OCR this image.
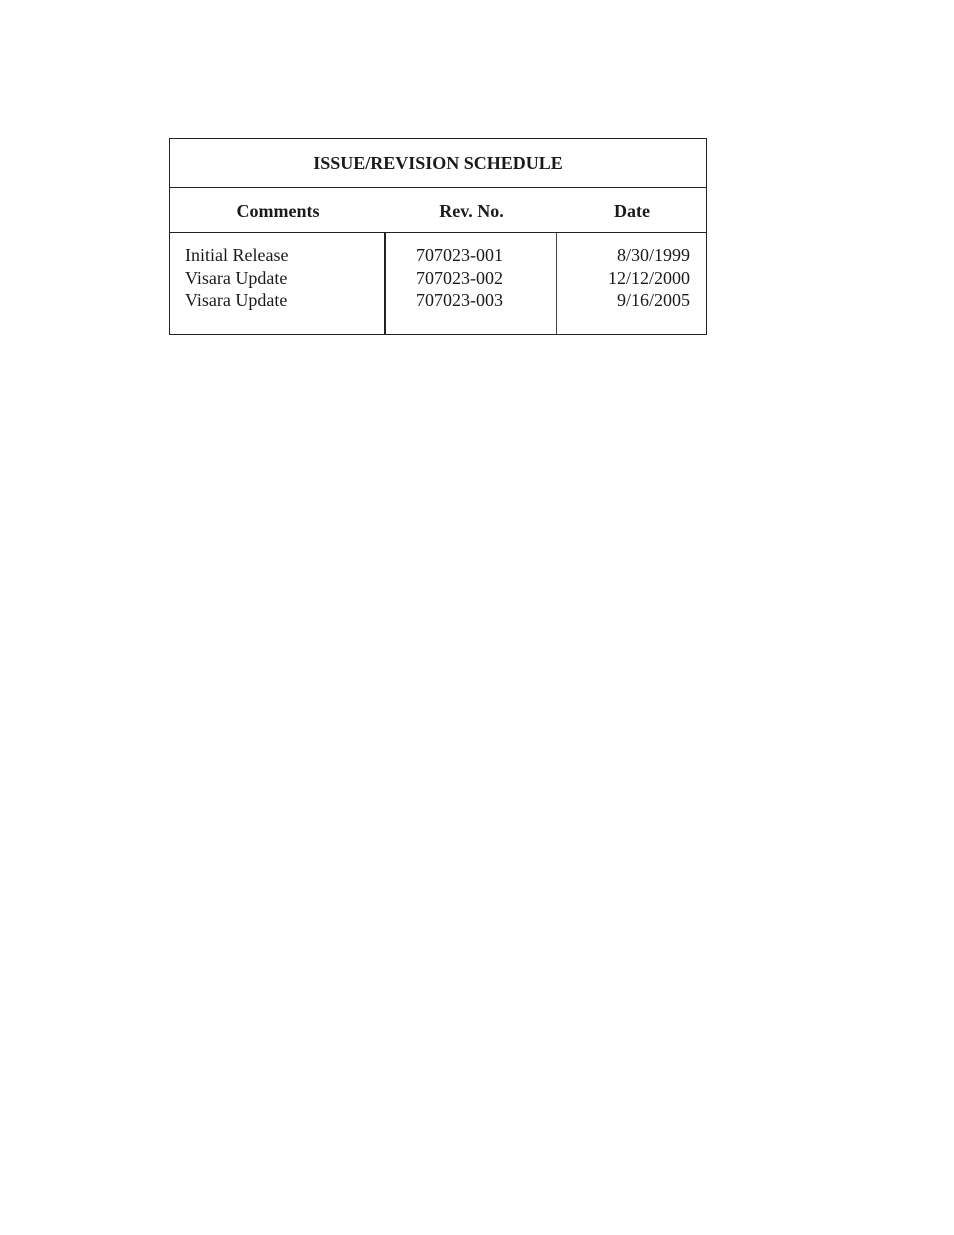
ISSUE/REVISION SCHEDULE
Comments	Rev. No.	Date
Initial Release
Visara Update
Visara Update
707023-001
707023-002
707023-003
8/30/1999
12/12/2000
9/16/2005
